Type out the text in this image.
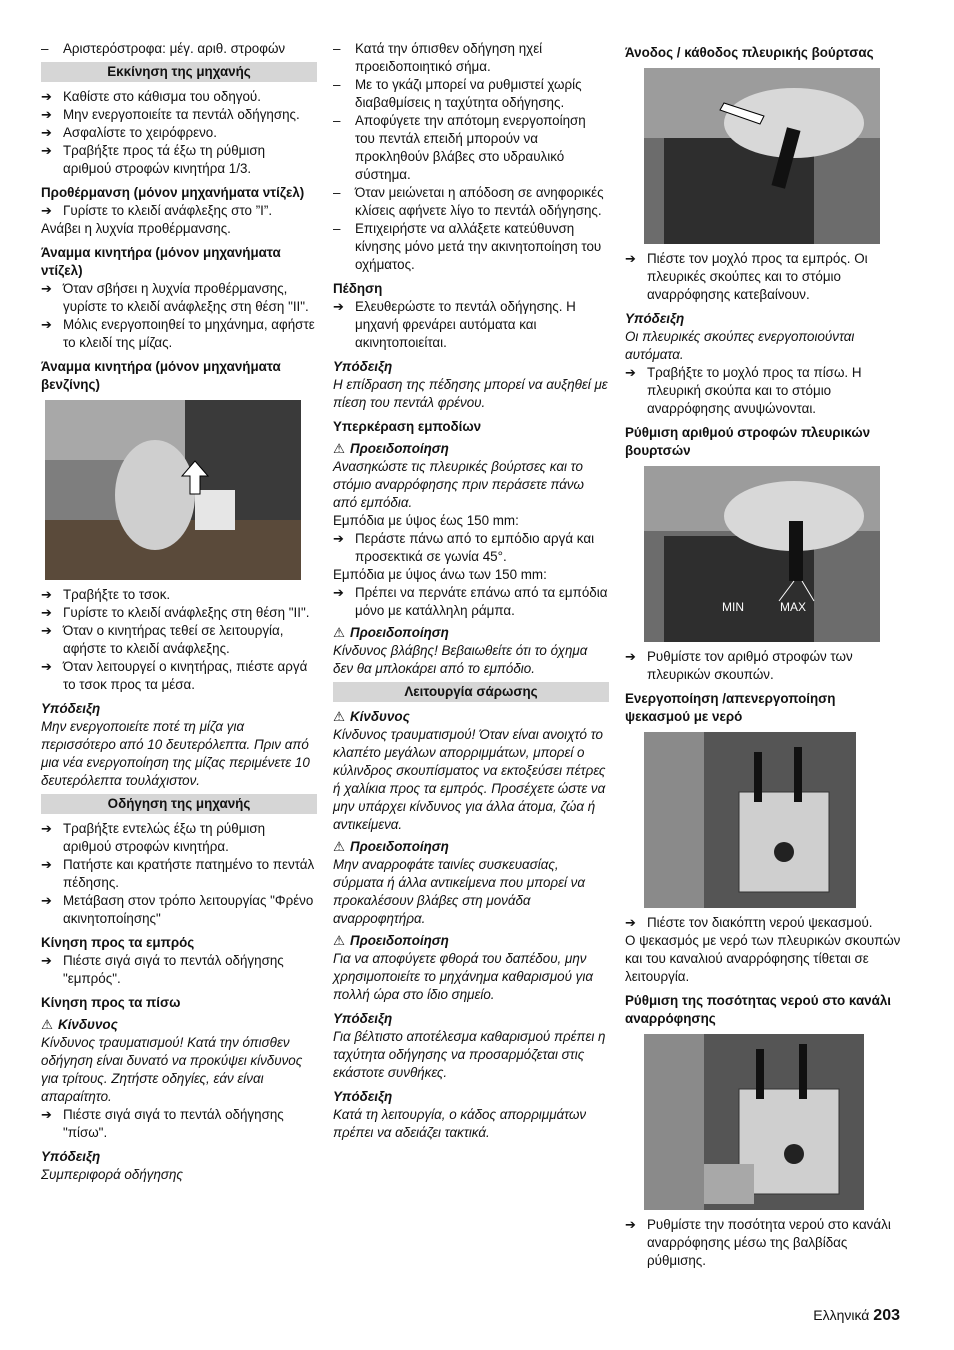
– Αριστερόστροφα: μέγ. αριθ. στροφών

Εκκίνηση της μηχανής

➔ Καθίστε στο κάθισμα του οδηγού.

➔ Μην ενεργοποιείτε τα πεντάλ οδήγησης.

➔ Ασφαλίστε το χειρόφρενο.

➔ Τραβήξτε προς τά έξω τη ρύθμιση αριθμού στροφών κινητήρα 1/3.

Προθέρμανση (μόνον μηχανήματα ντίζελ)

➔ Γυρίστε το κλειδί ανάφλεξης στο ”I”.

Ανάβει η λυχνία προθέρμανσης.

Άναμμα κινητήρα (μόνον μηχανήματα ντίζελ)

➔ Όταν σβήσει η λυχνία προθέρμανσης, γυρίστε το κλειδί ανάφλεξης στη θέση "II".

➔ Μόλις ενεργοποιηθεί το μηχάνημα, αφήστε το κλειδί της μίζας.

Άναμμα κινητήρα (μόνον μηχανήματα βενζίνης)

➔ Τραβήξτε το τσοκ.

➔ Γυρίστε το κλειδί ανάφλεξης στη θέση "II".

➔ Όταν ο κινητήρας τεθεί σε λειτουργία, αφήστε το κλειδί ανάφλεξης.

➔ Όταν λειτουργεί ο κινητήρας, πιέστε αργά το τσοκ προς τα μέσα.

Υπόδειξη

Μην ενεργοποιείτε ποτέ τη μίζα για περισσότερο από 10 δευτερόλεπτα. Πριν από μια νέα ενεργοποίηση της μίζας περιμένετε 10 δευτερόλεπτα τουλάχιστον.

Οδήγηση της μηχανής

➔ Τραβήξτε εντελώς έξω τη ρύθμιση αριθμού στροφών κινητήρα.

➔ Πατήστε και κρατήστε πατημένο το πεντάλ πέδησης.

➔ Μετάβαση στον τρόπο λειτουργίας "Φρένο ακινητοποίησης"

Κίνηση προς τα εμπρός

➔ Πιέστε σιγά σιγά το πεντάλ οδήγησης "εμπρός".

Κίνηση προς τα πίσω

⚠ Κίνδυνος

Κίνδυνος τραυματισμού! Κατά την όπισθεν οδήγηση είναι δυνατό να προκύψει κίνδυνος για τρίτους. Ζητήστε οδηγίες, εάν είναι απαραίτητο.

➔ Πιέστε σιγά σιγά το πεντάλ οδήγησης "πίσω".

Υπόδειξη

Συμπεριφορά οδήγησης

– Κατά την όπισθεν οδήγηση ηχεί προειδοποιητικό σήμα.

– Με το γκάζι μπορεί να ρυθμιστεί χωρίς διαβαθμίσεις η ταχύτητα οδήγησης.

– Αποφύγετε την απότομη ενεργοποίηση του πεντάλ επειδή μπορούν να προκληθούν βλάβες στο υδραυλικό σύστημα.

– Όταν μειώνεται η απόδοση σε ανηφορικές κλίσεις αφήνετε λίγο το πεντάλ οδήγησης.

– Επιχειρήστε να αλλάξετε κατεύθυνση κίνησης μόνο μετά την ακινητοποίηση του οχήματος.

Πέδηση

➔ Ελευθερώστε το πεντάλ οδήγησης. Η μηχανή φρενάρει αυτόματα και ακινητοποιείται.

Υπόδειξη

Η επίδραση της πέδησης μπορεί να αυξηθεί με πίεση του πεντάλ φρένου.

Υπερκέραση εμποδίων

⚠ Προειδοποίηση

Ανασηκώστε τις πλευρικές βούρτσες και το στόμιο αναρρόφησης πριν περάσετε πάνω από εμπόδια.

Εμπόδια με ύψος έως 150 mm:

➔ Περάστε πάνω από το εμπόδιο αργά και προσεκτικά σε γωνία 45°.

Εμπόδια με ύψος άνω των 150 mm:

➔ Πρέπει να περνάτε επάνω από τα εμπόδια μόνο με κατάλληλη ράμπα.

⚠ Προειδοποίηση

Κίνδυνος βλάβης! Βεβαιωθείτε ότι το όχημα δεν θα μπλοκάρει από το εμπόδιο.

Λειτουργία σάρωσης

⚠ Κίνδυνος

Κίνδυνος τραυματισμού! Όταν είναι ανοιχτό το κλαπέτο μεγάλων απορριμμάτων, μπορεί ο κύλινδρος σκουπίσματος να εκτοξεύσει πέτρες ή χαλίκια προς τα εμπρός. Προσέχετε ώστε να μην υπάρχει κίνδυνος για άλλα άτομα, ζώα ή αντικείμενα.

⚠ Προειδοποίηση

Μην αναρροφάτε ταινίες συσκευασίας, σύρματα ή άλλα αντικείμενα που μπορεί να προκαλέσουν βλάβες στη μονάδα αναρροφητήρα.

⚠ Προειδοποίηση

Για να αποφύγετε φθορά του δαπέδου, μην χρησιμοποιείτε το μηχάνημα καθαρισμού για πολλή ώρα στο ίδιο σημείο.

Υπόδειξη

Για βέλτιστο αποτέλεσμα καθαρισμού πρέπει η ταχύτητα οδήγησης να προσαρμόζεται στις εκάστοτε συνθήκες.

Υπόδειξη

Κατά τη λειτουργία, ο κάδος απορριμμάτων πρέπει να αδειάζει τακτικά.

Άνοδος / κάθοδος πλευρικής βούρτσας

➔ Πιέστε τον μοχλό προς τα εμπρός. Οι πλευρικές σκούπες και το στόμιο αναρρόφησης κατεβαίνουν.

Υπόδειξη

Οι πλευρικές σκούπες ενεργοποιούνται αυτόματα.

➔ Τραβήξτε το μοχλό προς τα πίσω. Η πλευρική σκούπα και το στόμιο αναρρόφησης ανυψώνονται.

Ρύθμιση αριθμού στροφών πλευρικών βουρτσών

MIN	MAX

➔ Ρυθμίστε τον αριθμό στροφών των πλευρικών σκουπών.

Ενεργοποίηση /απενεργοποίηση ψεκασμού με νερό

➔ Πιέστε τον διακόπτη νερού ψεκασμού.

Ο ψεκασμός με νερό των πλευρικών σκουπών και του καναλιού αναρρόφησης τίθεται σε λειτουργία.

Ρύθμιση της ποσότητας νερού στο κανάλι αναρρόφησης

➔ Ρυθμίστε την ποσότητα νερού στο κανάλι αναρρόφησης μέσω της βαλβίδας ρύθμισης.

Ελληνικά 203
